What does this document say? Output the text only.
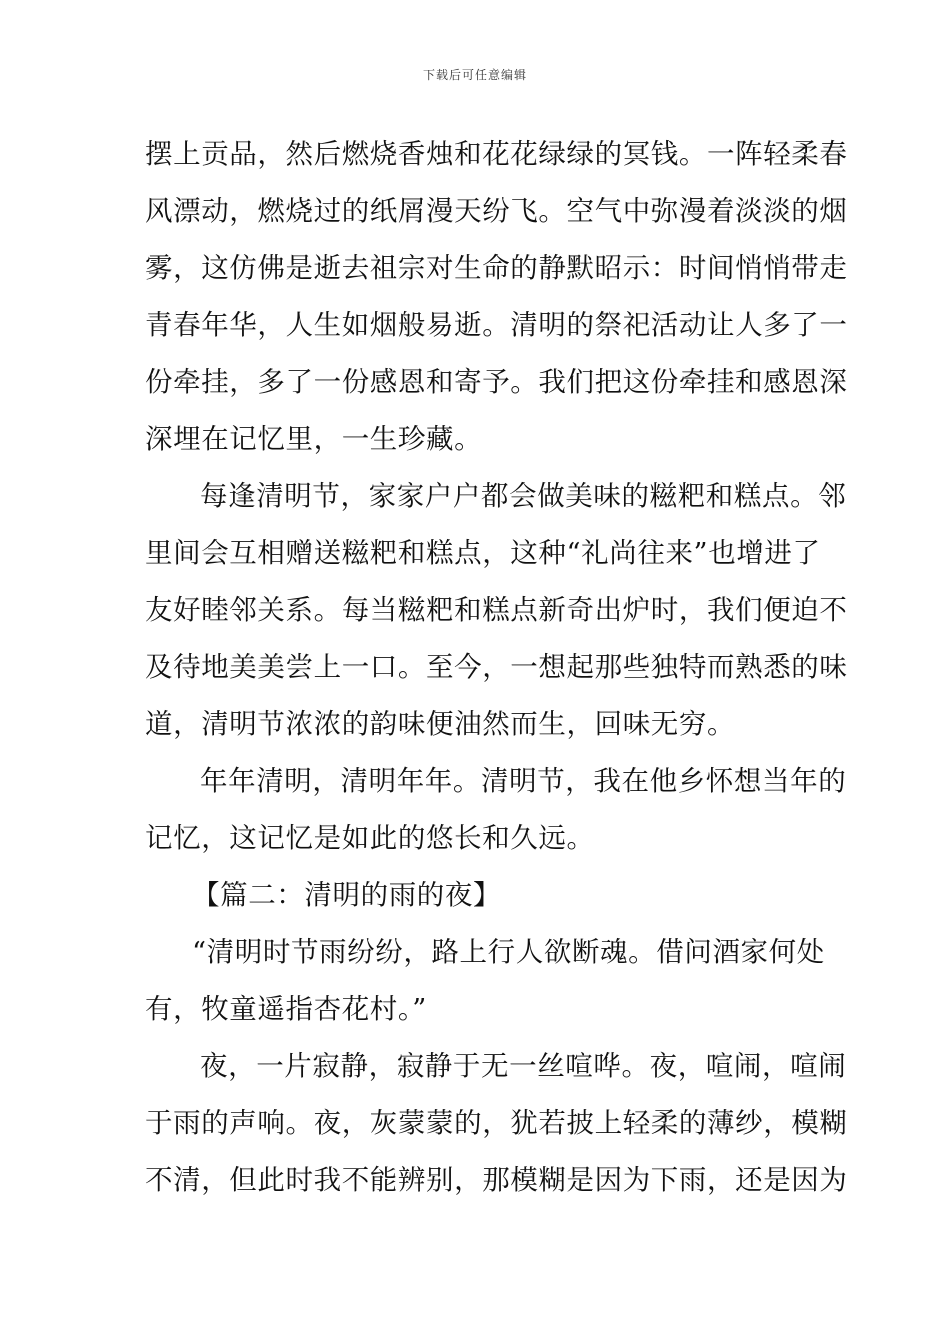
下载后可任意编辑
摆上贡品，然后燃烧香烛和花花绿绿的冥钱。一阵轻柔春
风漂动，燃烧过的纸屑漫天纷飞。空气中弥漫着淡淡的烟
雾，这仿佛是逝去祖宗对生命的静默昭示：时间悄悄带走
青春年华，人生如烟般易逝。清明的祭祀活动让人多了一
份牵挂，多了一份感恩和寄予。我们把这份牵挂和感恩深
深埋在记忆里，一生珍藏。
每逢清明节，家家户户都会做美味的糍粑和糕点。邻
里间会互相赠送糍粑和糕点，这种“礼尚往来”也增进了
友好睦邻关系。每当糍粑和糕点新奇出炉时，我们便迫不
及待地美美尝上一口。至今，一想起那些独特而熟悉的味
道，清明节浓浓的韵味便油然而生，回味无穷。
年年清明，清明年年。清明节，我在他乡怀想当年的
记忆，这记忆是如此的悠长和久远。
【篇二：清明的雨的夜】
“清明时节雨纷纷，路上行人欲断魂。借问酒家何处
有，牧童遥指杏花村。”
夜，一片寂静，寂静于无一丝喧哗。夜，喧闹，喧闹
于雨的声响。夜，灰蒙蒙的，犹若披上轻柔的薄纱，模糊
不清，但此时我不能辨别，那模糊是因为下雨，还是因为
